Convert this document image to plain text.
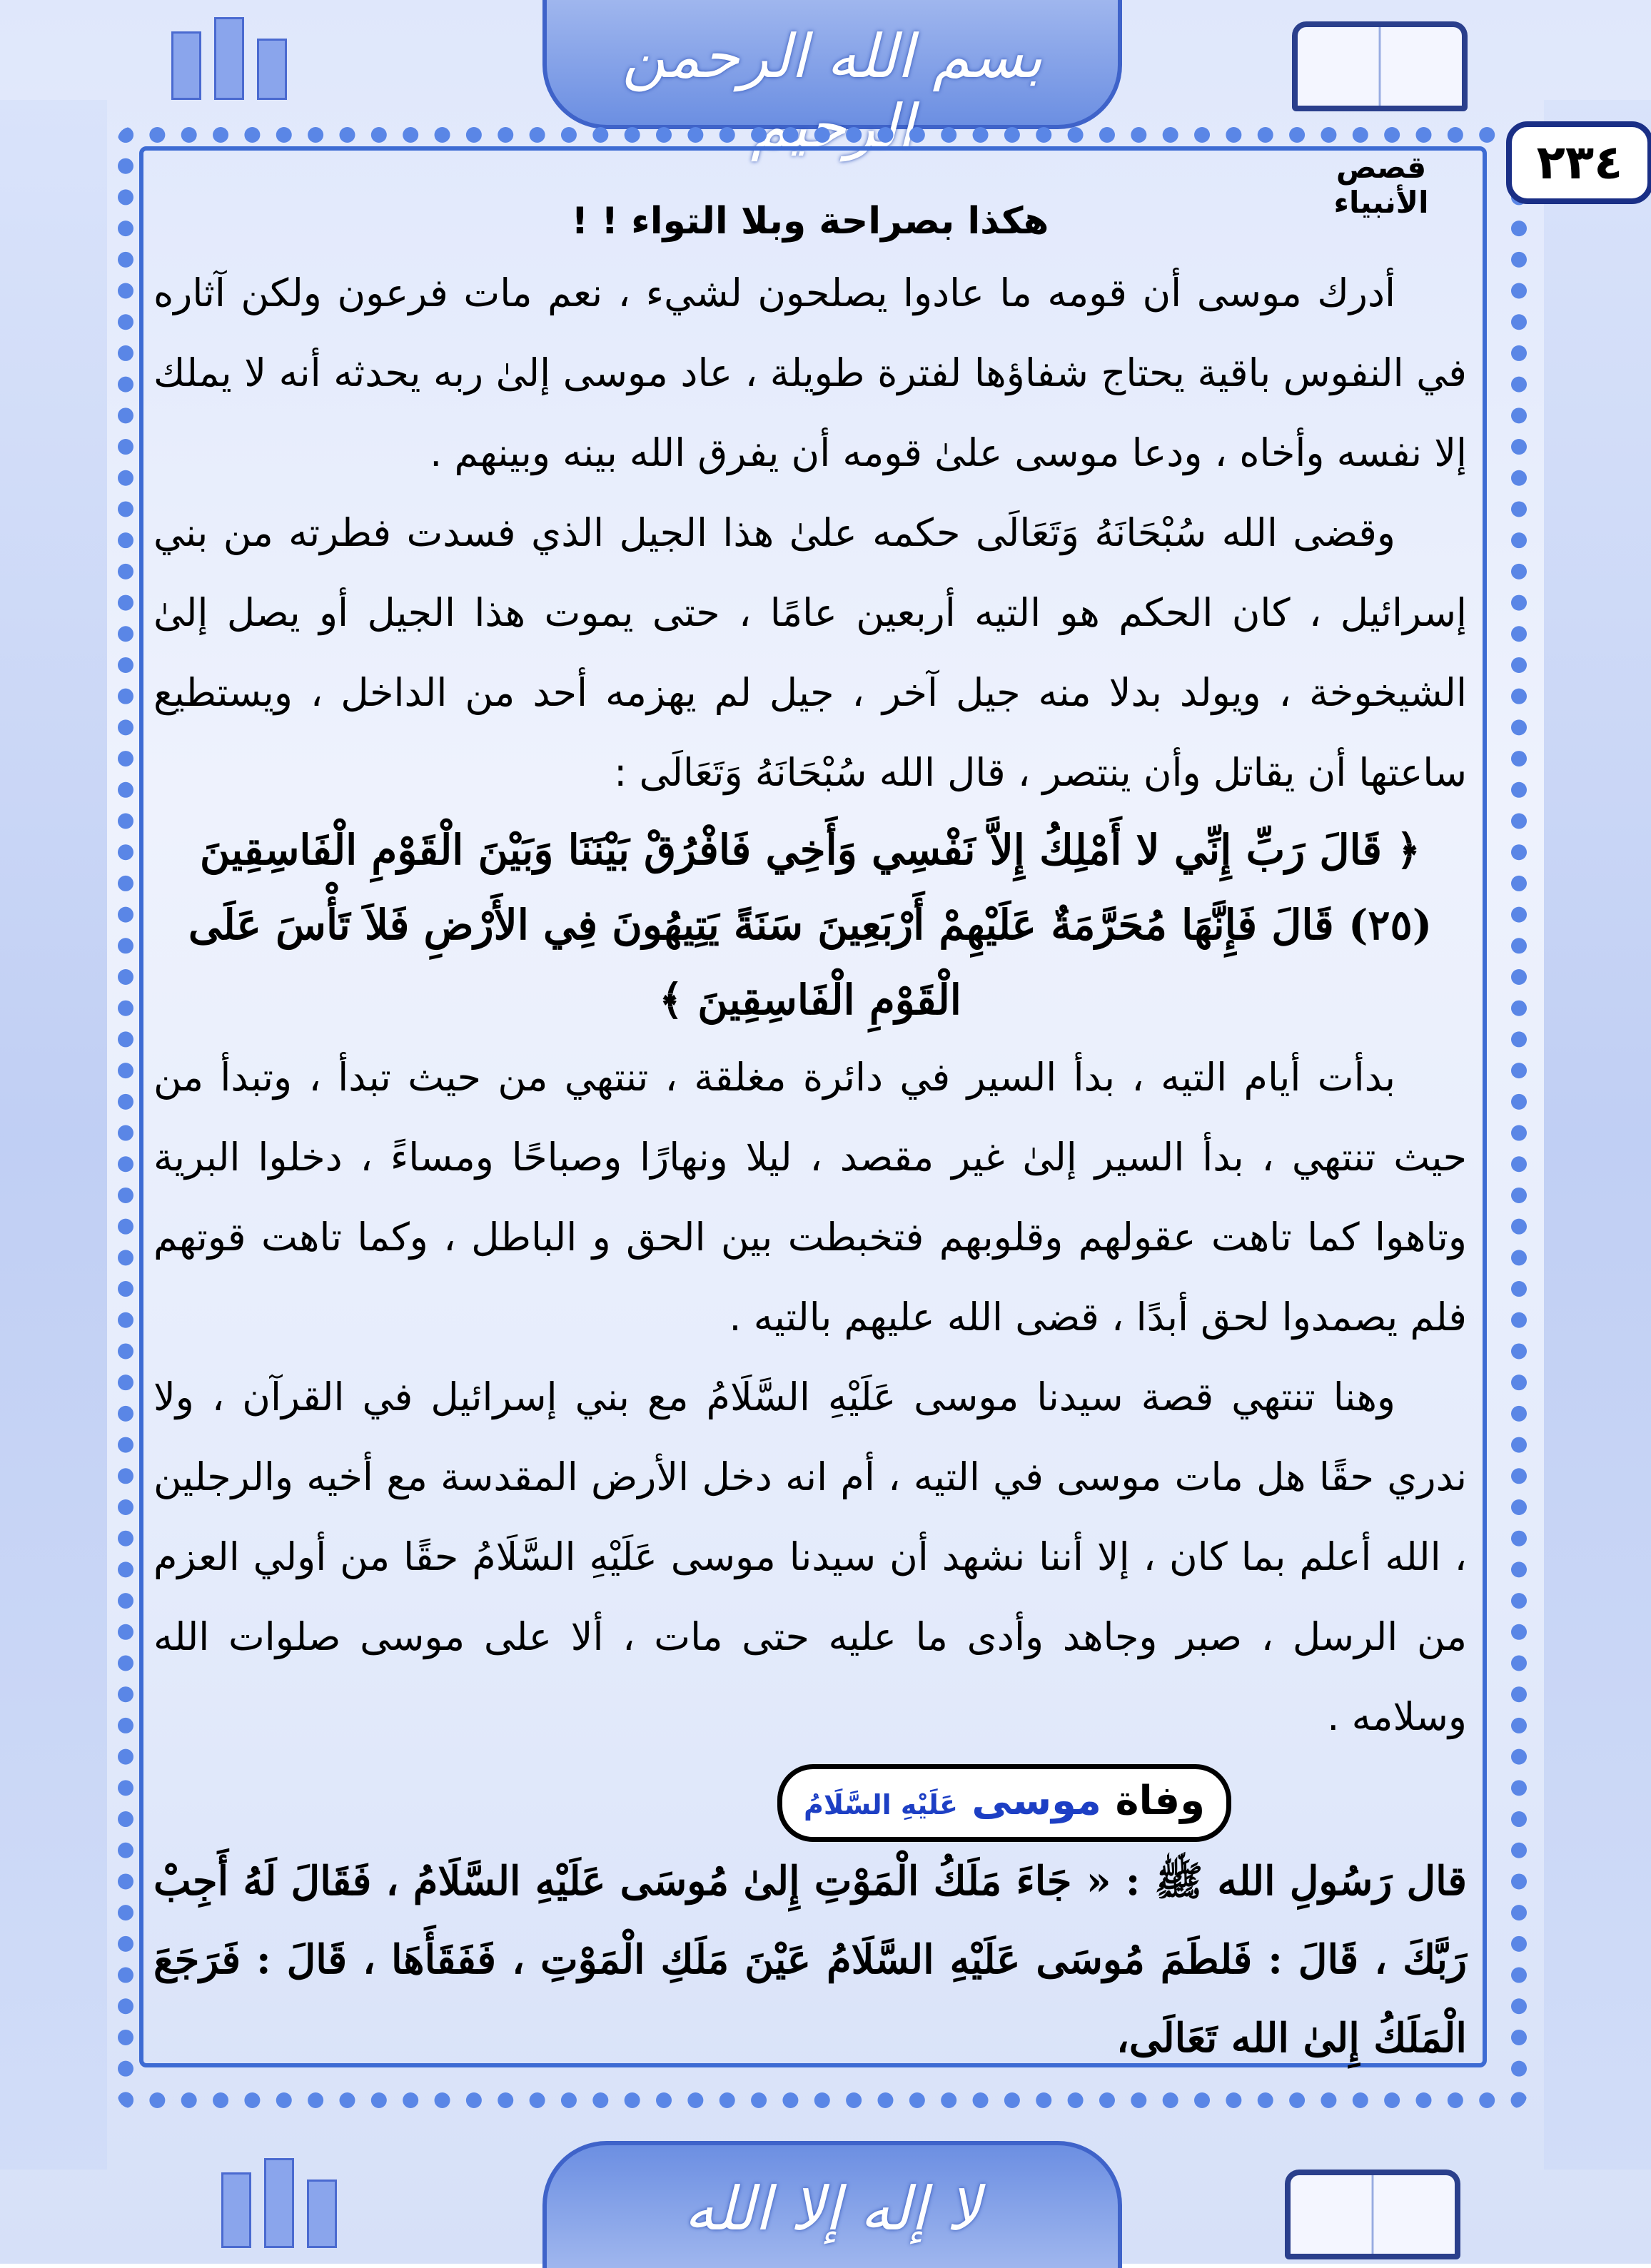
بسم الله الرحمن الرحيم
٢٣٤
قصص الأنبياء
هكذا بصراحة وبلا التواء ! !

أدرك موسى أن قومه ما عادوا يصلحون لشيء ، نعم مات فرعون ولكن آثاره في النفوس باقية يحتاج شفاؤها لفترة طويلة ، عاد موسى إلىٰ ربه يحدثه أنه لا يملك إلا نفسه وأخاه ، ودعا موسى علىٰ قومه أن يفرق الله بينه وبينهم .

وقضى الله سُبْحَانَهُ وَتَعَالَى حكمه علىٰ هذا الجيل الذي فسدت فطرته من بني إسرائيل ، كان الحكم هو التيه أربعين عامًا ، حتى يموت هذا الجيل أو يصل إلىٰ الشيخوخة ، ويولد بدلا منه جيل آخر ، جيل لم يهزمه أحد من الداخل ، ويستطيع ساعتها أن يقاتل وأن ينتصر ، قال الله سُبْحَانَهُ وَتَعَالَى :

﴿ قَالَ رَبِّ إِنِّي لا أَمْلِكُ إِلاَّ نَفْسِي وَأَخِي فَافْرُقْ بَيْنَنَا وَبَيْنَ الْقَوْمِ الْفَاسِقِينَ (٢٥) قَالَ فَإِنَّهَا مُحَرَّمَةٌ عَلَيْهِمْ أَرْبَعِينَ سَنَةً يَتِيهُونَ فِي الأَرْضِ فَلاَ تَأْسَ عَلَى الْقَوْمِ الْفَاسِقِينَ ﴾

بدأت أيام التيه ، بدأ السير في دائرة مغلقة ، تنتهي من حيث تبدأ ، وتبدأ من حيث تنتهي ، بدأ السير إلىٰ غير مقصد ، ليلا ونهارًا وصباحًا ومساءً ، دخلوا البرية وتاهوا كما تاهت عقولهم وقلوبهم فتخبطت بين الحق و الباطل ، وكما تاهت قوتهم فلم يصمدوا لحق أبدًا ، قضى الله عليهم بالتيه .

وهنا تنتهي قصة سيدنا موسى عَلَيْهِ السَّلَامُ مع بني إسرائيل في القرآن ، ولا ندري حقًا هل مات موسى في التيه ، أم انه دخل الأرض المقدسة مع أخيه والرجلين ، الله أعلم بما كان ، إلا أننا نشهد أن سيدنا موسى عَلَيْهِ السَّلَامُ حقًا من أولي العزم من الرسل ، صبر وجاهد وأدى ما عليه حتى مات ، ألا على موسى صلوات الله وسلامه .

وفاة موسى عَلَيْهِ السَّلَامُ

قال رَسُولِ الله ﷺ : « جَاءَ مَلَكُ الْمَوْتِ إِلىٰ مُوسَى عَلَيْهِ السَّلَامُ ، فَقَالَ لَهُ أَجِبْ رَبَّكَ ، قَالَ : فَلطَمَ مُوسَى عَلَيْهِ السَّلَامُ عَيْنَ مَلَكِ الْمَوْتِ ، فَفَقَأَهَا ، قَالَ : فَرَجَعَ الْمَلَكُ إِلىٰ الله تَعَالَى،

لا إله إلا الله
